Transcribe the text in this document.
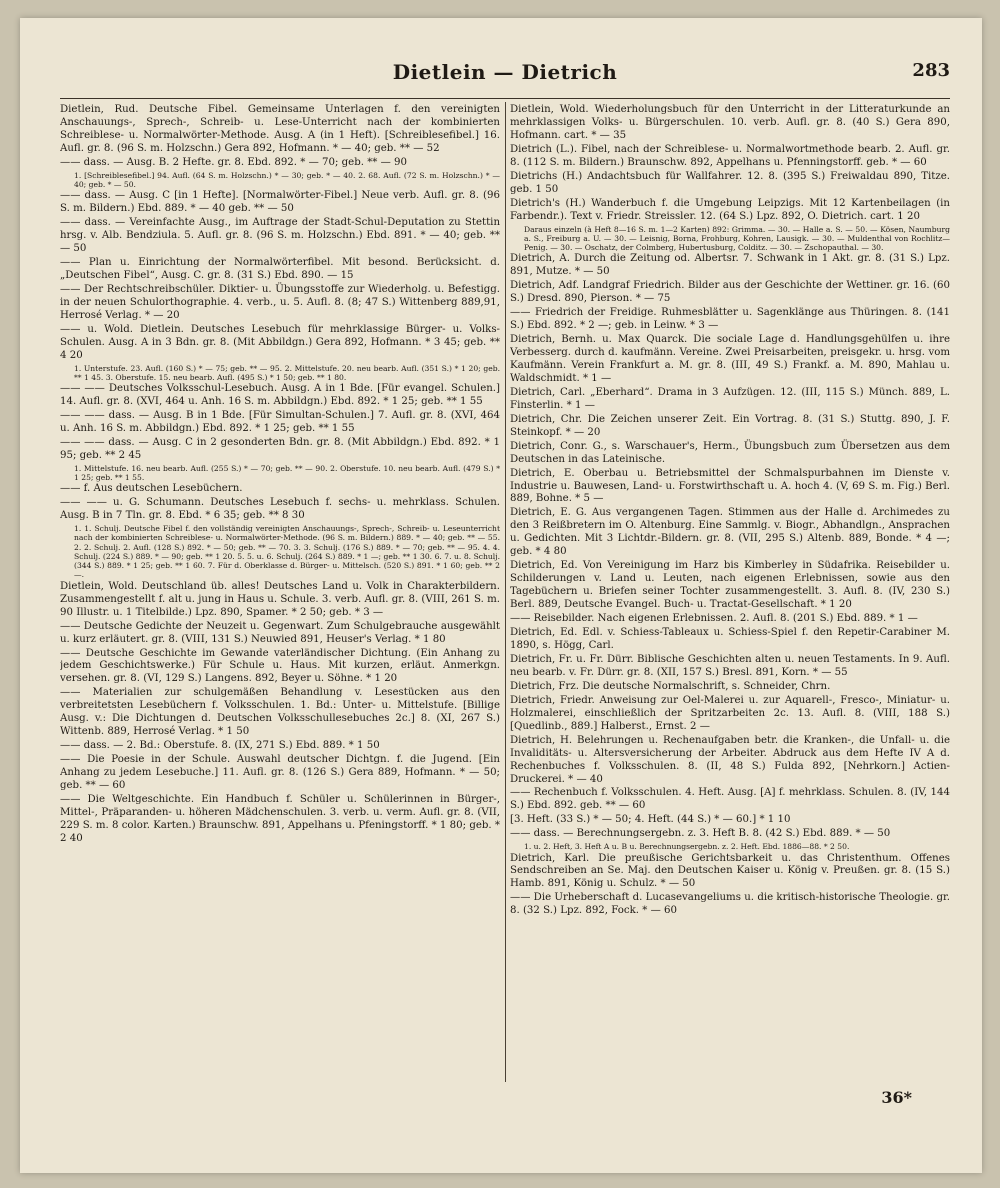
Dietlein — Dietrich	283

Dietlein, Rud. Deutsche Fibel. Gemeinsame Unterlagen f. den vereinigten Anschauungs-, Sprech-, Schreib- u. Lese-Unterricht nach der kombinierten Schreiblese- u. Normalwörter-Methode. Ausg. A (in 1 Heft). [Schreiblesefibel.] 16. Aufl. gr. 8. (96 S. m. Holzschn.) Gera 892, Hofmann. * — 40; geb. ** — 52

—— dass. — Ausg. B. 2 Hefte. gr. 8. Ebd. 892. * — 70; geb. ** — 90

1. [Schreiblesefibel.] 94. Aufl. (64 S. m. Holzschn.) * — 30; geb. * — 40. 2. 68. Aufl. (72 S. m. Holzschn.) * — 40; geb. * — 50.

—— dass. — Ausg. C [in 1 Hefte]. [Normalwörter-Fibel.] Neue verb. Aufl. gr. 8. (96 S. m. Bildern.) Ebd. 889. * — 40 geb. ** — 50

—— dass. — Vereinfachte Ausg., im Auftrage der Stadt-Schul-Deputation zu Stettin hrsg. v. Alb. Bendziula. 5. Aufl. gr. 8. (96 S. m. Holzschn.) Ebd. 891. * — 40; geb. ** — 50

—— Plan u. Einrichtung der Normalwörterfibel. Mit besond. Berücksicht. d. „Deutschen Fibel“, Ausg. C. gr. 8. (31 S.) Ebd. 890. — 15

—— Der Rechtschreibschüler. Diktier- u. Übungsstoffe zur Wiederholg. u. Befestigg. in der neuen Schulorthographie. 4. verb., u. 5. Aufl. 8. (8; 47 S.) Wittenberg 889,91, Herrosé Verlag. * — 20

—— u. Wold. Dietlein. Deutsches Lesebuch für mehrklassige Bürger- u. Volks-Schulen. Ausg. A in 3 Bdn. gr. 8. (Mit Abbildgn.) Gera 892, Hofmann. * 3 45; geb. ** 4 20

1. Unterstufe. 23. Aufl. (160 S.) * — 75; geb. ** — 95. 2. Mittelstufe. 20. neu bearb. Aufl. (351 S.) * 1 20; geb. ** 1 45. 3. Oberstufe. 15. neu bearb. Aufl. (495 S.) * 1 50; geb. ** 1 80.

—— —— Deutsches Volksschul-Lesebuch. Ausg. A in 1 Bde. [Für evangel. Schulen.] 14. Aufl. gr. 8. (XVI, 464 u. Anh. 16 S. m. Abbildgn.) Ebd. 892. * 1 25; geb. ** 1 55

—— —— dass. — Ausg. B in 1 Bde. [Für Simultan-Schulen.] 7. Aufl. gr. 8. (XVI, 464 u. Anh. 16 S. m. Abbildgn.) Ebd. 892. * 1 25; geb. ** 1 55

—— —— dass. — Ausg. C in 2 gesonderten Bdn. gr. 8. (Mit Abbildgn.) Ebd. 892. * 1 95; geb. ** 2 45

1. Mittelstufe. 16. neu bearb. Aufl. (255 S.) * — 70; geb. ** — 90. 2. Oberstufe. 10. neu bearb. Aufl. (479 S.) * 1 25; geb. ** 1 55.

—— f. Aus deutschen Lesebüchern.

—— —— u. G. Schumann. Deutsches Lesebuch f. sechs- u. mehrklass. Schulen. Ausg. B in 7 Tln. gr. 8. Ebd. * 6 35; geb. ** 8 30

1. 1. Schulj. Deutsche Fibel f. den vollständig vereinigten Anschauungs-, Sprech-, Schreib- u. Leseunterricht nach der kombinierten Schreiblese- u. Normalwörter-Methode. (96 S. m. Bildern.) 889. * — 40; geb. ** — 55. 2. 2. Schulj. 2. Aufl. (128 S.) 892. * — 50; geb. ** — 70. 3. 3. Schulj. (176 S.) 889. * — 70; geb. ** — 95. 4. 4. Schulj. (224 S.) 889. * — 90; geb. ** 1 20. 5. 5. u. 6. Schulj. (264 S.) 889. * 1 —; geb. ** 1 30. 6. 7. u. 8. Schulj. (344 S.) 889. * 1 25; geb. ** 1 60. 7. Für d. Oberklasse d. Bürger- u. Mittelsch. (520 S.) 891. * 1 60; geb. ** 2 —.

Dietlein, Wold. Deutschland üb. alles! Deutsches Land u. Volk in Charakterbildern. Zusammengestellt f. alt u. jung in Haus u. Schule. 3. verb. Aufl. gr. 8. (VIII, 261 S. m. 90 Illustr. u. 1 Titelbilde.) Lpz. 890, Spamer. * 2 50; geb. * 3 —

—— Deutsche Gedichte der Neuzeit u. Gegenwart. Zum Schulgebrauche ausgewählt u. kurz erläutert. gr. 8. (VIII, 131 S.) Neuwied 891, Heuser's Verlag. * 1 80

—— Deutsche Geschichte im Gewande vaterländischer Dichtung. (Ein Anhang zu jedem Geschichtswerke.) Für Schule u. Haus. Mit kurzen, erläut. Anmerkgn. versehen. gr. 8. (VI, 129 S.) Langens. 892, Beyer u. Söhne. * 1 20

—— Materialien zur schulgemäßen Behandlung v. Lesestücken aus den verbreitetsten Lesebüchern f. Volksschulen. 1. Bd.: Unter- u. Mittelstufe. [Billige Ausg. v.: Die Dichtungen d. Deutschen Volksschullesebuches 2c.] 8. (XI, 267 S.) Wittenb. 889, Herrosé Verlag. * 1 50

—— dass. — 2. Bd.: Oberstufe. 8. (IX, 271 S.) Ebd. 889. * 1 50

—— Die Poesie in der Schule. Auswahl deutscher Dichtgn. f. die Jugend. [Ein Anhang zu jedem Lesebuche.] 11. Aufl. gr. 8. (126 S.) Gera 889, Hofmann. * — 50; geb. ** — 60

—— Die Weltgeschichte. Ein Handbuch f. Schüler u. Schülerinnen in Bürger-, Mittel-, Präparanden- u. höheren Mädchenschulen. 3. verb. u. verm. Aufl. gr. 8. (VII, 229 S. m. 8 color. Karten.) Braunschw. 891, Appelhans u. Pfeningstorff. * 1 80; geb. * 2 40

Dietlein, Wold. Wiederholungsbuch für den Unterricht in der Litteraturkunde an mehrklassigen Volks- u. Bürgerschulen. 10. verb. Aufl. gr. 8. (40 S.) Gera 890, Hofmann. cart. * — 35

Dietrich (L.). Fibel, nach der Schreiblese- u. Normalwortmethode bearb. 2. Aufl. gr. 8. (112 S. m. Bildern.) Braunschw. 892, Appelhans u. Pfenningstorff. geb. * — 60

Dietrichs (H.) Andachtsbuch für Wallfahrer. 12. 8. (395 S.) Freiwaldau 890, Titze. geb. 1 50

Dietrich's (H.) Wanderbuch f. die Umgebung Leipzigs. Mit 12 Kartenbeilagen (in Farbendr.). Text v. Friedr. Streissler. 12. (64 S.) Lpz. 892, O. Dietrich. cart. 1 20

Daraus einzeln (à Heft 8—16 S. m. 1—2 Karten) 892: Grimma. — 30. — Halle a. S. — 50. — Kösen, Naumburg a. S., Freiburg a. U. — 30. — Leisnig, Borna, Frohburg, Kohren, Lausigk. — 30. — Muldenthal von Rochlitz—Penig. — 30. — Oschatz, der Colmberg, Hubertusburg, Colditz. — 30. — Zschopauthal. — 30.

Dietrich, A. Durch die Zeitung od. Albertsr. 7. Schwank in 1 Akt. gr. 8. (31 S.) Lpz. 891, Mutze. * — 50

Dietrich, Adf. Landgraf Friedrich. Bilder aus der Geschichte der Wettiner. gr. 16. (60 S.) Dresd. 890, Pierson. * — 75

—— Friedrich der Freidige. Ruhmesblätter u. Sagenklänge aus Thüringen. 8. (141 S.) Ebd. 892. * 2 —; geb. in Leinw. * 3 —

Dietrich, Bernh. u. Max Quarck. Die sociale Lage d. Handlungsgehülfen u. ihre Verbesserg. durch d. kaufmänn. Vereine. Zwei Preisarbeiten, preisgekr. u. hrsg. vom Kaufmänn. Verein Frankfurt a. M. gr. 8. (III, 49 S.) Frankf. a. M. 890, Mahlau u. Waldschmidt. * 1 —

Dietrich, Carl. „Eberhard“. Drama in 3 Aufzügen. 12. (III, 115 S.) Münch. 889, L. Finsterlin. * 1 —

Dietrich, Chr. Die Zeichen unserer Zeit. Ein Vortrag. 8. (31 S.) Stuttg. 890, J. F. Steinkopf. * — 20

Dietrich, Conr. G., s. Warschauer's, Herm., Übungsbuch zum Übersetzen aus dem Deutschen in das Lateinische.

Dietrich, E. Oberbau u. Betriebsmittel der Schmalspurbahnen im Dienste v. Industrie u. Bauwesen, Land- u. Forstwirthschaft u. A. hoch 4. (V, 69 S. m. Fig.) Berl. 889, Bohne. * 5 —

Dietrich, E. G. Aus vergangenen Tagen. Stimmen aus der Halle d. Archimedes zu den 3 Reißbretern im O. Altenburg. Eine Sammlg. v. Biogr., Abhandlgn., Ansprachen u. Gedichten. Mit 3 Lichtdr.-Bildern. gr. 8. (VII, 295 S.) Altenb. 889, Bonde. * 4 —; geb. * 4 80

Dietrich, Ed. Von Vereinigung im Harz bis Kimberley in Südafrika. Reisebilder u. Schilderungen v. Land u. Leuten, nach eigenen Erlebnissen, sowie aus den Tagebüchern u. Briefen seiner Tochter zusammengestellt. 3. Aufl. 8. (IV, 230 S.) Berl. 889, Deutsche Evangel. Buch- u. Tractat-Gesellschaft. * 1 20

—— Reisebilder. Nach eigenen Erlebnissen. 2. Aufl. 8. (201 S.) Ebd. 889. * 1 —

Dietrich, Ed. Edl. v. Schiess-Tableaux u. Schiess-Spiel f. den Repetir-Carabiner M. 1890, s. Högg, Carl.

Dietrich, Fr. u. Fr. Dürr. Biblische Geschichten alten u. neuen Testaments. In 9. Aufl. neu bearb. v. Fr. Dürr. gr. 8. (XII, 157 S.) Bresl. 891, Korn. * — 55

Dietrich, Frz. Die deutsche Normalschrift, s. Schneider, Chrn.

Dietrich, Friedr. Anweisung zur Oel-Malerei u. zur Aquarell-, Fresco-, Miniatur- u. Holzmalerei, einschließlich der Spritzarbeiten 2c. 13. Aufl. 8. (VIII, 188 S.) [Quedlinb., 889.] Halberst., Ernst. 2 —

Dietrich, H. Belehrungen u. Rechenaufgaben betr. die Kranken-, die Unfall- u. die Invaliditäts- u. Altersversicherung der Arbeiter. Abdruck aus dem Hefte IV A d. Rechenbuches f. Volksschulen. 8. (II, 48 S.) Fulda 892, [Nehrkorn.] Actien-Druckerei. * — 40

—— Rechenbuch f. Volksschulen. 4. Heft. Ausg. [A] f. mehrklass. Schulen. 8. (IV, 144 S.) Ebd. 892. geb. ** — 60

[3. Heft. (33 S.) * — 50; 4. Heft. (44 S.) * — 60.] * 1 10

—— dass. — Berechnungsergebn. z. 3. Heft B. 8. (42 S.) Ebd. 889. * — 50

1. u. 2. Heft, 3. Heft A u. B u. Berechnungsergebn. z. 2. Heft. Ebd. 1886—88. * 2 50.

Dietrich, Karl. Die preußische Gerichtsbarkeit u. das Christenthum. Offenes Sendschreiben an Se. Maj. den Deutschen Kaiser u. König v. Preußen. gr. 8. (15 S.) Hamb. 891, König u. Schulz. * — 50

—— Die Urheberschaft d. Lucasevangeliums u. die kritisch-historische Theologie. gr. 8. (32 S.) Lpz. 892, Fock. * — 60

36*
